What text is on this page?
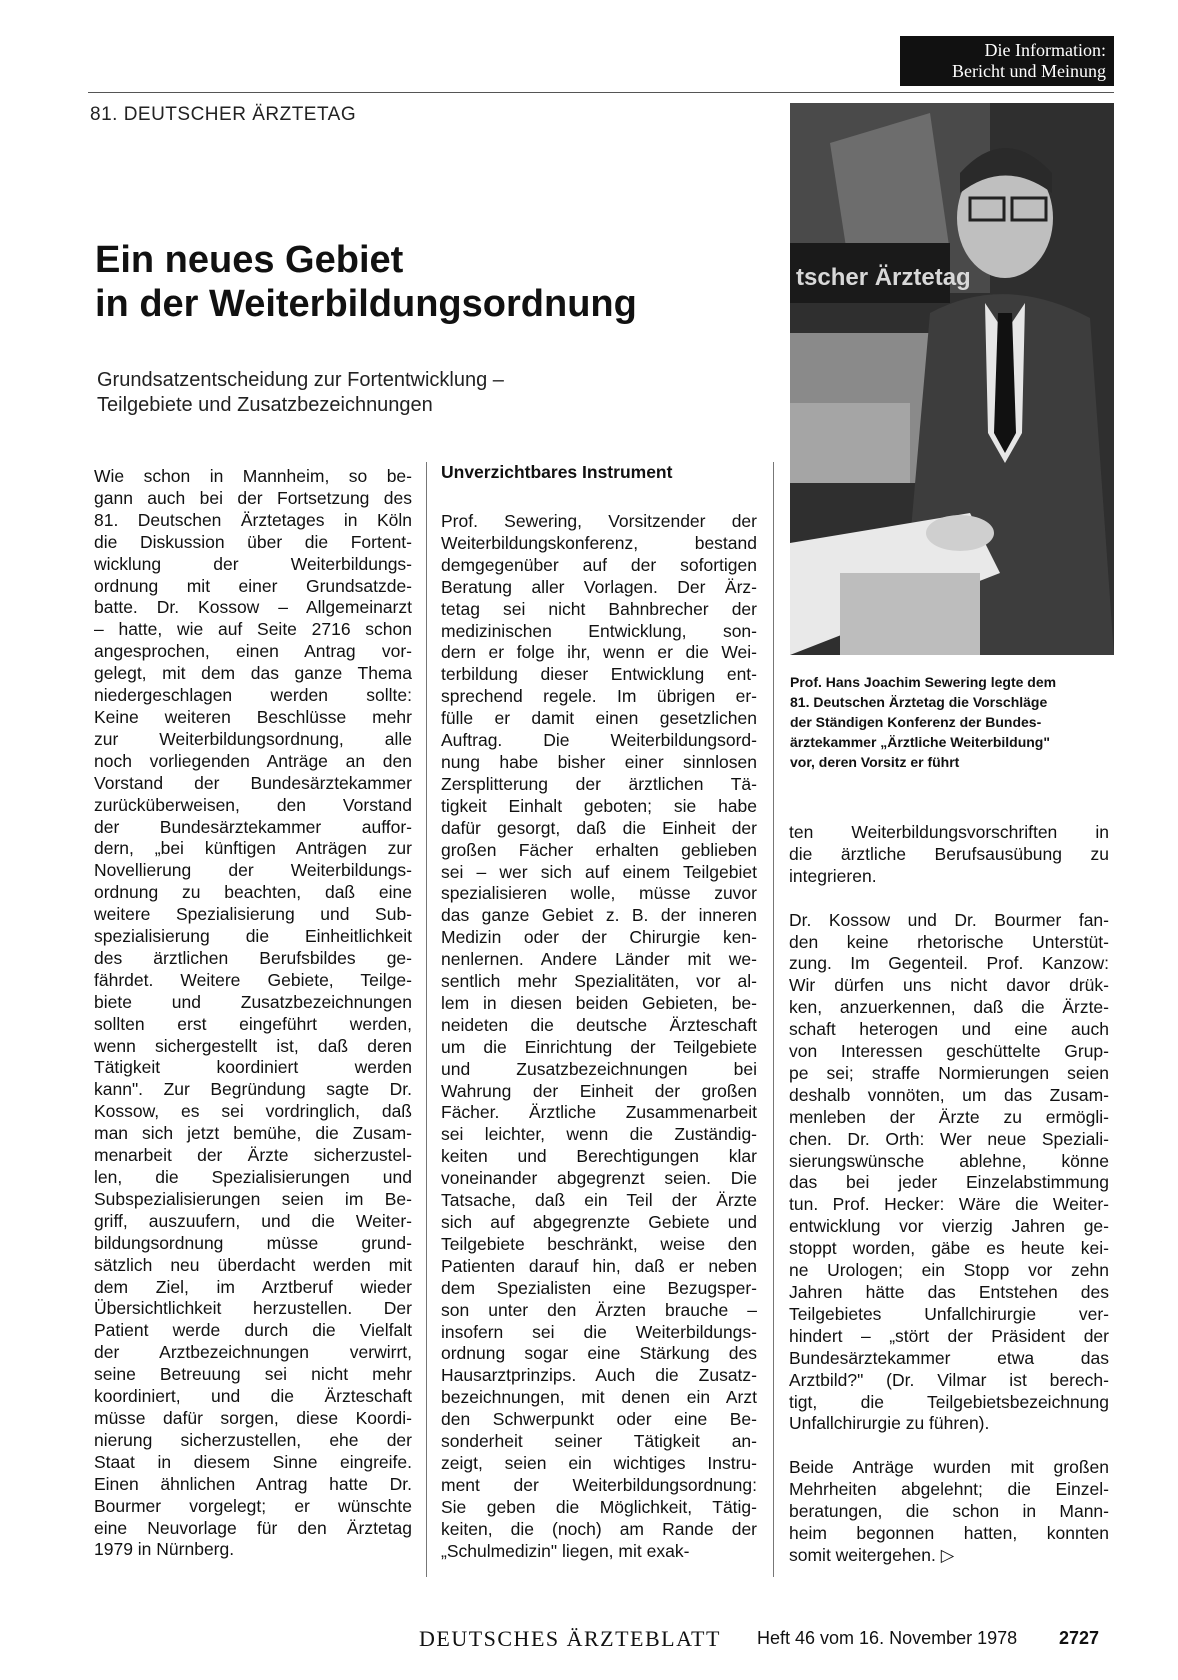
Die Information:
Bericht und Meinung
81. DEUTSCHER ÄRZTETAG
Ein neues Gebiet
in der Weiterbildungsordnung
Grundsatzentscheidung zur Fortentwicklung –
Teilgebiete und Zusatzbezeichnungen
tscher Ärztetag
Prof. Hans Joachim Sewering legte dem
81. Deutschen Ärztetag die Vorschläge
der Ständigen Konferenz der Bundes-
ärztekammer „Ärztliche Weiterbildung"
vor, deren Vorsitz er führt
Unverzichtbares Instrument
Wie schon in Mannheim, so be-
gann auch bei der Fortsetzung des
81. Deutschen Ärztetages in Köln
die Diskussion über die Fortent-
wicklung der Weiterbildungs-
ordnung mit einer Grundsatzde-
batte. Dr. Kossow – Allgemeinarzt
– hatte, wie auf Seite 2716 schon
angesprochen, einen Antrag vor-
gelegt, mit dem das ganze Thema
niedergeschlagen werden sollte:
Keine weiteren Beschlüsse mehr
zur Weiterbildungsordnung, alle
noch vorliegenden Anträge an den
Vorstand der Bundesärztekammer
zurücküberweisen, den Vorstand
der Bundesärztekammer auffor-
dern, „bei künftigen Anträgen zur
Novellierung der Weiterbildungs-
ordnung zu beachten, daß eine
weitere Spezialisierung und Sub-
spezialisierung die Einheitlichkeit
des ärztlichen Berufsbildes ge-
fährdet. Weitere Gebiete, Teilge-
biete und Zusatzbezeichnungen
sollten erst eingeführt werden,
wenn sichergestellt ist, daß deren
Tätigkeit koordiniert werden
kann". Zur Begründung sagte Dr.
Kossow, es sei vordringlich, daß
man sich jetzt bemühe, die Zusam-
menarbeit der Ärzte sicherzustel-
len, die Spezialisierungen und
Subspezialisierungen seien im Be-
griff, auszuufern, und die Weiter-
bildungsordnung müsse grund-
sätzlich neu überdacht werden mit
dem Ziel, im Arztberuf wieder
Übersichtlichkeit herzustellen. Der
Patient werde durch die Vielfalt
der Arztbezeichnungen verwirrt,
seine Betreuung sei nicht mehr
koordiniert, und die Ärzteschaft
müsse dafür sorgen, diese Koordi-
nierung sicherzustellen, ehe der
Staat in diesem Sinne eingreife.
Einen ähnlichen Antrag hatte Dr.
Bourmer vorgelegt; er wünschte
eine Neuvorlage für den Ärztetag
1979 in Nürnberg.
Prof. Sewering, Vorsitzender der
Weiterbildungskonferenz, bestand
demgegenüber auf der sofortigen
Beratung aller Vorlagen. Der Ärz-
tetag sei nicht Bahnbrecher der
medizinischen Entwicklung, son-
dern er folge ihr, wenn er die Wei-
terbildung dieser Entwicklung ent-
sprechend regele. Im übrigen er-
fülle er damit einen gesetzlichen
Auftrag. Die Weiterbildungsord-
nung habe bisher einer sinnlosen
Zersplitterung der ärztlichen Tä-
tigkeit Einhalt geboten; sie habe
dafür gesorgt, daß die Einheit der
großen Fächer erhalten geblieben
sei – wer sich auf einem Teilgebiet
spezialisieren wolle, müsse zuvor
das ganze Gebiet z. B. der inneren
Medizin oder der Chirurgie ken-
nenlernen. Andere Länder mit we-
sentlich mehr Spezialitäten, vor al-
lem in diesen beiden Gebieten, be-
neideten die deutsche Ärzteschaft
um die Einrichtung der Teilgebiete
und Zusatzbezeichnungen bei
Wahrung der Einheit der großen
Fächer. Ärztliche Zusammenarbeit
sei leichter, wenn die Zuständig-
keiten und Berechtigungen klar
voneinander abgegrenzt seien. Die
Tatsache, daß ein Teil der Ärzte
sich auf abgegrenzte Gebiete und
Teilgebiete beschränkt, weise den
Patienten darauf hin, daß er neben
dem Spezialisten eine Bezugsper-
son unter den Ärzten brauche –
insofern sei die Weiterbildungs-
ordnung sogar eine Stärkung des
Hausarztprinzips. Auch die Zusatz-
bezeichnungen, mit denen ein Arzt
den Schwerpunkt oder eine Be-
sonderheit seiner Tätigkeit an-
zeigt, seien ein wichtiges Instru-
ment der Weiterbildungsordnung:
Sie geben die Möglichkeit, Tätig-
keiten, die (noch) am Rande der
„Schulmedizin" liegen, mit exak-
ten Weiterbildungsvorschriften in
die ärztliche Berufsausübung zu
integrieren.
Dr. Kossow und Dr. Bourmer fan-
den keine rhetorische Unterstüt-
zung. Im Gegenteil. Prof. Kanzow:
Wir dürfen uns nicht davor drük-
ken, anzuerkennen, daß die Ärzte-
schaft heterogen und eine auch
von Interessen geschüttelte Grup-
pe sei; straffe Normierungen seien
deshalb vonnöten, um das Zusam-
menleben der Ärzte zu ermögli-
chen. Dr. Orth: Wer neue Speziali-
sierungswünsche ablehne, könne
das bei jeder Einzelabstimmung
tun. Prof. Hecker: Wäre die Weiter-
entwicklung vor vierzig Jahren ge-
stoppt worden, gäbe es heute kei-
ne Urologen; ein Stopp vor zehn
Jahren hätte das Entstehen des
Teilgebietes Unfallchirurgie ver-
hindert – „stört der Präsident der
Bundesärztekammer etwa das
Arztbild?" (Dr. Vilmar ist berech-
tigt, die Teilgebietsbezeichnung
Unfallchirurgie zu führen).
Beide Anträge wurden mit großen
Mehrheiten abgelehnt; die Einzel-
beratungen, die schon in Mann-
heim begonnen hatten, konnten
somit weitergehen. ▷
DEUTSCHES ÄRZTEBLATT Heft 46 vom 16. November 1978 2727
